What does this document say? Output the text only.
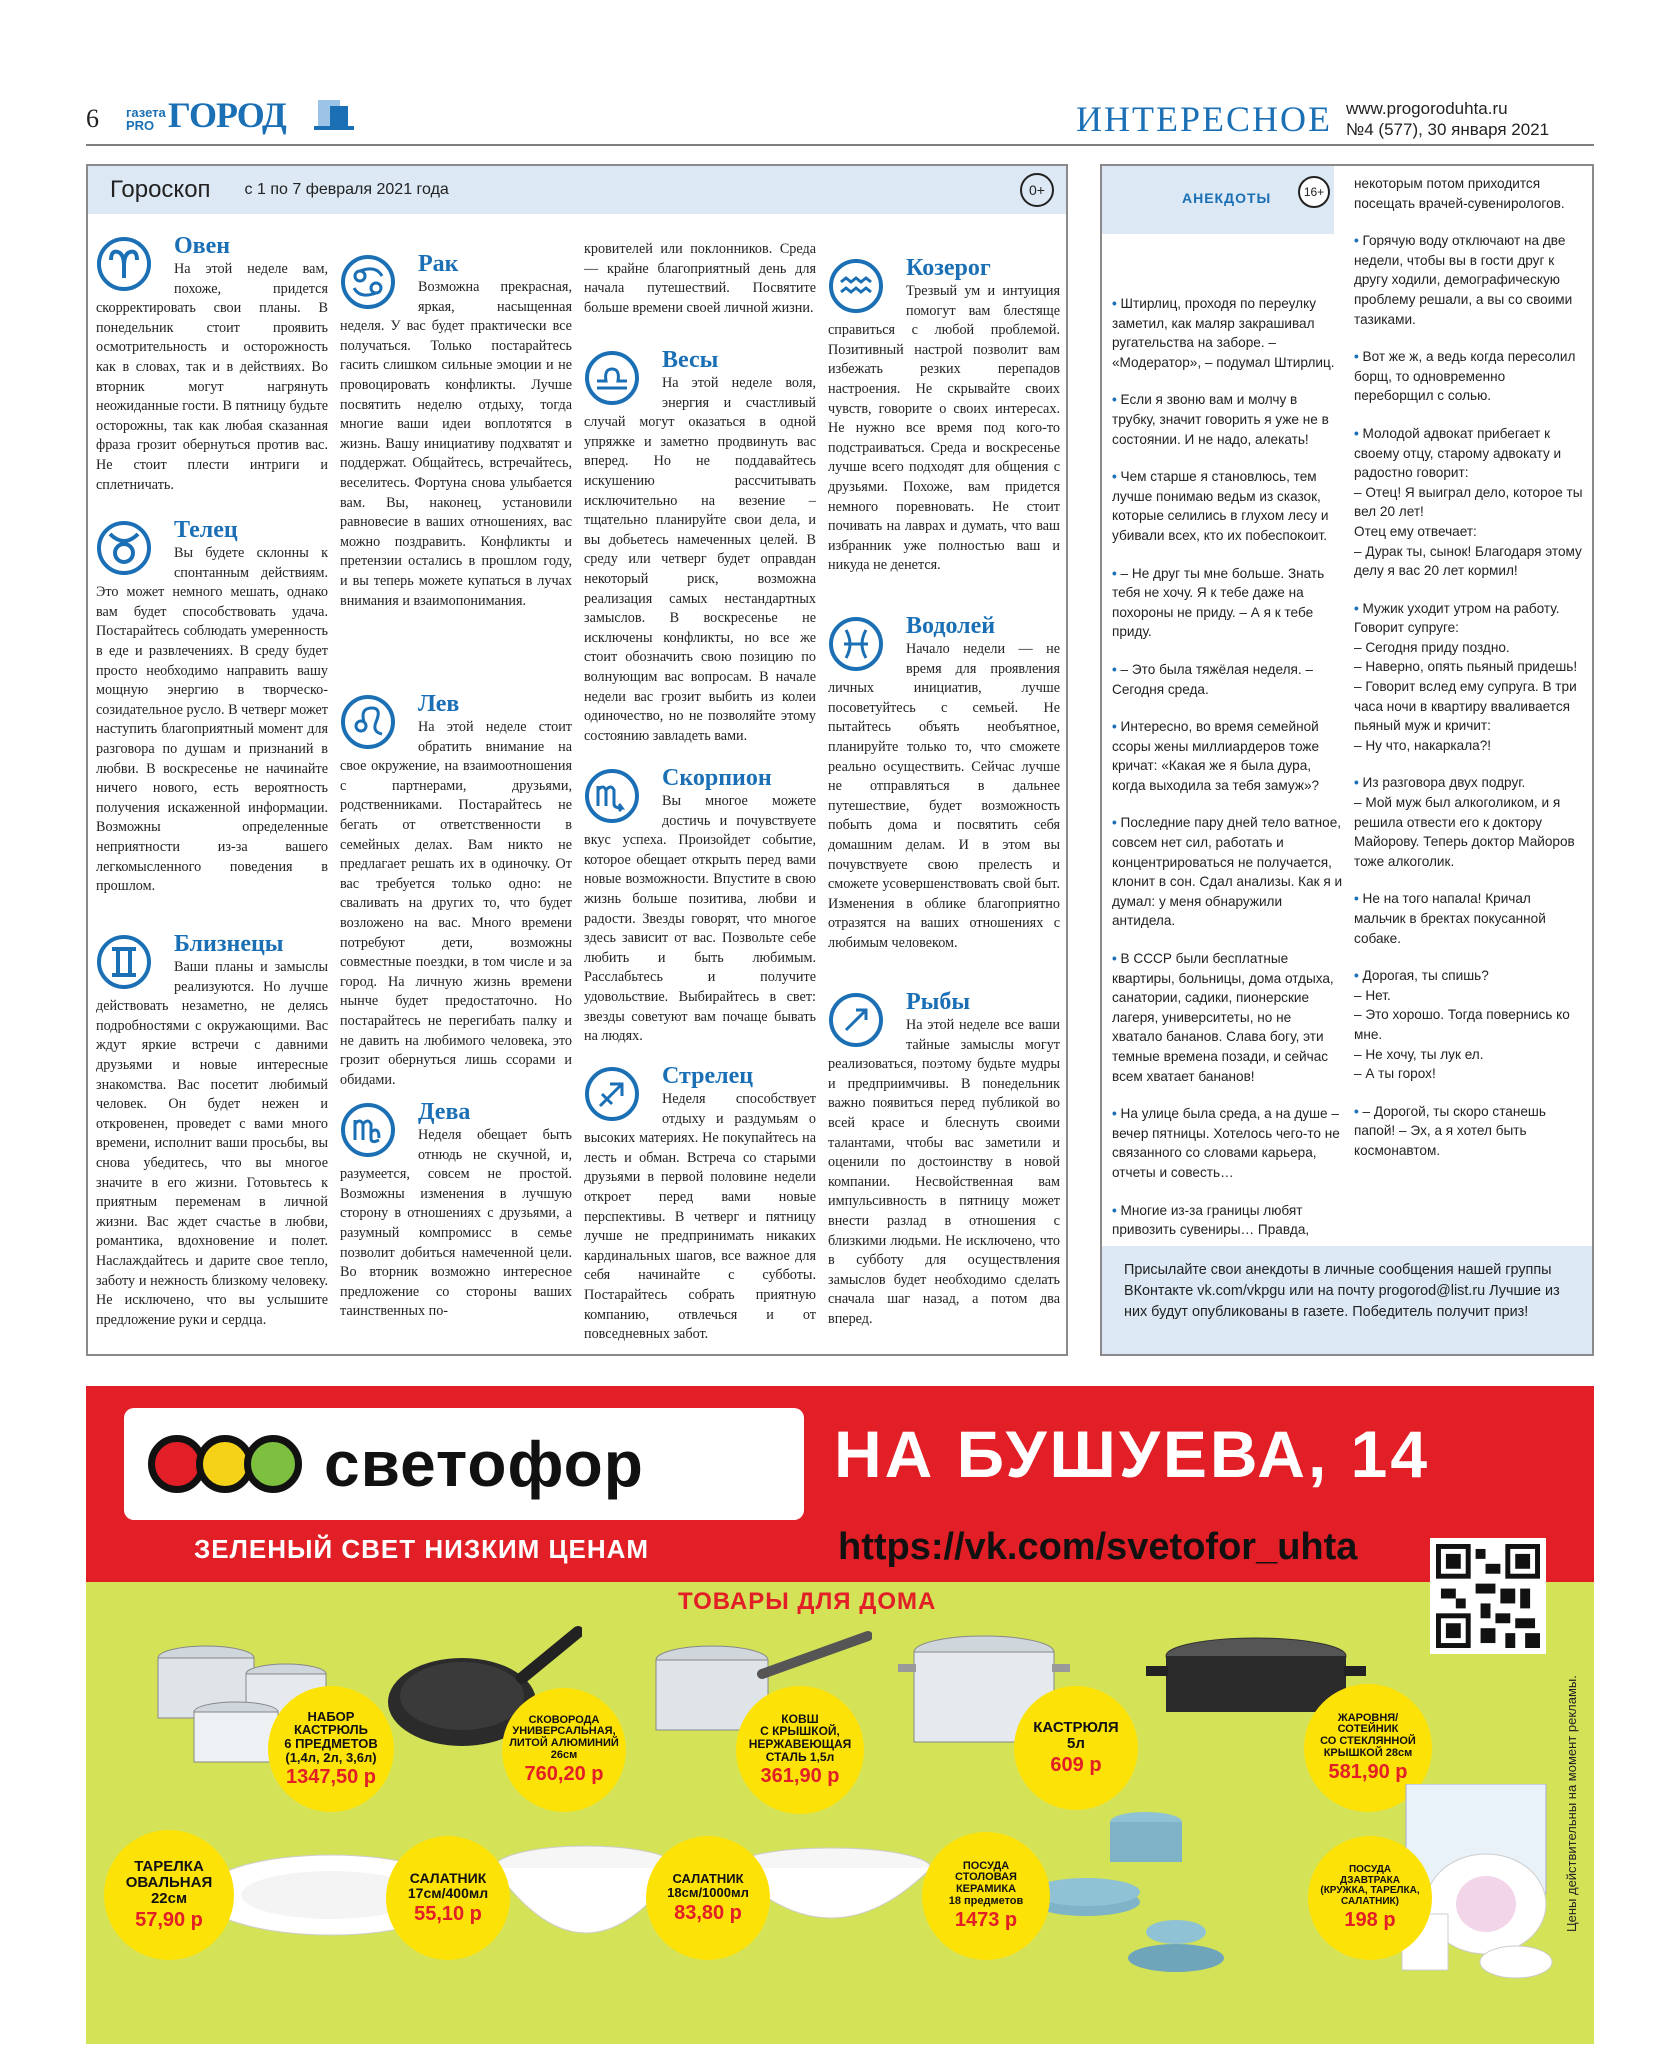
6 газета PRO ГОРОД	ИНТЕРЕСНОЕ www.progoroduhta.ru
№4 (577), 30 января 2021
Гороскоп с 1 по 7 февраля 2021 года	0+
Овен
На этой неделе вам, похоже, придется скорректировать свои планы. В понедельник стоит проявить осмотрительность и осторожность как в словах, так и в действиях. Во вторник могут нагрянуть неожиданные гости. В пятницу будьте осторожны, так как любая сказанная фраза грозит обернуться против вас. Не стоит плести интриги и сплетничать.
Телец
Вы будете склонны к спонтанным действиям. Это может немного мешать, однако вам будет способствовать удача. Постарайтесь соблюдать умеренность в еде и развлечениях. В среду будет просто необходимо направить вашу мощную энергию в творческо-созидательное русло. В четверг может наступить благоприятный момент для разговора по душам и признаний в любви. В воскресенье не начинайте ничего нового, есть вероятность получения искаженной информации. Возможны определенные неприятности из-за вашего легкомысленного поведения в прошлом.
Близнецы
Ваши планы и замыслы реализуются. Но лучше действовать незаметно, не делясь подробностями с окружающими. Вас ждут яркие встречи с давними друзьями и новые интересные знакомства. Вас посетит любимый человек. Он будет нежен и откровенен, проведет с вами много времени, исполнит ваши просьбы, вы снова убедитесь, что вы многое значите в его жизни. Готовьтесь к приятным переменам в личной жизни. Вас ждет счастье в любви, романтика, вдохновение и полет. Наслаждайтесь и дарите свое тепло, заботу и нежность близкому человеку. Не исключено, что вы услышите предложение руки и сердца.
Рак
Возможна прекрасная, яркая, насыщенная неделя. У вас будет практически все получаться. Только постарайтесь гасить слишком сильные эмоции и не провоцировать конфликты. Лучше посвятить неделю отдыху, тогда многие ваши идеи воплотятся в жизнь. Вашу инициативу подхватят и поддержат. Общайтесь, встречайтесь, веселитесь. Фортуна снова улыбается вам. Вы, наконец, установили равновесие в ваших отношениях, вас можно поздравить. Конфликты и претензии остались в прошлом году, и вы теперь можете купаться в лучах внимания и взаимопонимания.
Лев
На этой неделе стоит обратить внимание на свое окружение, на взаимоотношения с партнерами, друзьями, родственниками. Постарайтесь не бегать от ответственности в семейных делах. Вам никто не предлагает решать их в одиночку. От вас требуется только одно: не сваливать на других то, что будет возложено на вас. Много времени потребуют дети, возможны совместные поездки, в том числе и за город. На личную жизнь времени нынче будет предостаточно. Но постарайтесь не перегибать палку и не давить на любимого человека, это грозит обернуться лишь ссорами и обидами.
Дева
Неделя обещает быть отнюдь не скучной, и, разумеется, совсем не простой. Возможны изменения в лучшую сторону в отношениях с друзьями, а разумный компромисс в семье позволит добиться намеченной цели. Во вторник возможно интересное предложение со стороны ваших таинственных по-
кровителей или поклонников. Среда — крайне благоприятный день для начала путешествий. Посвятите больше времени своей личной жизни.
Весы
На этой неделе воля, энергия и счастливый случай могут оказаться в одной упряжке и заметно продвинуть вас вперед. Но не поддавайтесь искушению рассчитывать исключительно на везение – тщательно планируйте свои дела, и вы добьетесь намеченных целей. В среду или четверг будет оправдан некоторый риск, возможна реализация самых нестандартных замыслов. В воскресенье не исключены конфликты, но все же стоит обозначить свою позицию по волнующим вас вопросам. В начале недели вас грозит выбить из колеи одиночество, но не позволяйте этому состоянию завладеть вами.
Скорпион
Вы многое можете достичь и почувствуете вкус успеха. Произойдет событие, которое обещает открыть перед вами новые возможности. Впустите в свою жизнь больше позитива, любви и радости. Звезды говорят, что многое здесь зависит от вас. Позвольте себе любить и быть любимым. Расслабьтесь и получите удовольствие. Выбирайтесь в свет: звезды советуют вам почаще бывать на людях.
Стрелец
Неделя способствует отдыху и раздумьям о высоких материях. Не покупайтесь на лесть и обман. Встреча со старыми друзьями в первой половине недели откроет перед вами новые перспективы. В четверг и пятницу лучше не предпринимать никаких кардинальных шагов, все важное для себя начинайте с субботы. Постарайтесь собрать приятную компанию, отвлечься и от повседневных забот.
Козерог
Трезвый ум и интуиция помогут вам блестяще справиться с любой проблемой. Позитивный настрой позволит вам избежать резких перепадов настроения. Не скрывайте своих чувств, говорите о своих интересах. Не нужно все время под кого-то подстраиваться. Среда и воскресенье лучше всего подходят для общения с друзьями. Похоже, вам придется немного поревновать. Не стоит почивать на лаврах и думать, что ваш избранник уже полностью ваш и никуда не денется.
Водолей
Начало недели — не время для проявления личных инициатив, лучше посоветуйтесь с семьей. Не пытайтесь объять необъятное, планируйте только то, что сможете реально осуществить. Сейчас лучше не отправляться в дальнее путешествие, будет возможность побыть дома и посвятить себя домашним делам. И в этом вы почувствуете свою прелесть и сможете усовершенствовать свой быт. Изменения в облике благоприятно отразятся на ваших отношениях с любимым человеком.
Рыбы
На этой неделе все ваши тайные замыслы могут реализоваться, поэтому будьте мудры и предприимчивы. В понедельник важно появиться перед публикой во всей красе и блеснуть своими талантами, чтобы вас заметили и оценили по достоинству в новой компании. Несвойственная вам импульсивность в пятницу может внести разлад в отношения с близкими людьми. Не исключено, что в субботу для осуществления замыслов будет необходимо сделать сначала шаг назад, а потом два вперед.
АНЕКДОТЫ	16+
Присылайте свои анекдоты в личные сообщения нашей группы ВКонтакте vk.com/vkpgu или на почту progorod@list.ru Лучшие из них будут опубликованы в газете. Победитель получит приз!
• Штирлиц, проходя по переулку заметил, как маляр закрашивал ругательства на заборе. – «Модератор», – подумал Штирлиц.
• Если я звоню вам и молчу в трубку, значит говорить я уже не в состоянии. И не надо, алекать!
• Чем старше я становлюсь, тем лучше понимаю ведьм из сказок, которые селились в глухом лесу и убивали всех, кто их побеспокоит.
• – Не друг ты мне больше. Знать тебя не хочу. Я к тебе даже на похороны не приду. – А я к тебе приду.
• – Это была тяжёлая неделя. – Сегодня среда.
• Интересно, во время семейной ссоры жены миллиардеров тоже кричат: «Какая же я была дура, когда выходила за тебя замуж»?
• Последние пару дней тело ватное, совсем нет сил, работать и концентрироваться не получается, клонит в сон. Сдал анализы. Как я и думал: у меня обнаружили антидела.
• В СССР были бесплатные квартиры, больницы, дома отдыха, санатории, садики, пионерские лагеря, университеты, но не хватало бананов. Слава богу, эти темные времена позади, и сейчас всем хватает бананов!
• На улице была среда, а на душе – вечер пятницы. Хотелось чего-то не связанного со словами карьера, отчеты и совесть…
• Многие из-за границы любят привозить сувениры… Правда,
некоторым потом приходится посещать врачей-сувенирологов.
• Горячую воду отключают на две недели, чтобы вы в гости друг к другу ходили, демографическую проблему решали, а вы со своими тазиками.
• Вот же ж, а ведь когда пересолил борщ, то одновременно переборщил с солью.
• Молодой адвокат прибегает к своему отцу, старому адвокату и радостно говорит:
– Отец! Я выиграл дело, которое ты вел 20 лет!
Отец ему отвечает:
– Дурак ты, сынок! Благодаря этому делу я вас 20 лет кормил!
• Мужик уходит утром на работу. Говорит супруге:
– Сегодня приду поздно.
– Наверно, опять пьяный придешь! – Говорит вслед ему супруга. В три часа ночи в квартиру вваливается пьяный муж и кричит:
– Ну что, накаркала?!
• Из разговора двух подруг.
– Мой муж был алкоголиком, и я решила отвести его к доктору Майорову. Теперь доктор Майоров тоже алкоголик.
• Не на того напала! Кричал мальчик в бректах покусанной собаке.
• Дорогая, ты спишь?
– Нет.
– Это хорошо. Тогда повернись ко мне.
– Не хочу, ты лук ел.
– А ты горох!
• – Дорогой, ты скоро станешь папой! – Эх, а я хотел быть космонавтом.
светофор	НА БУШУЕВА, 14
ЗЕЛЕНЫЙ СВЕТ НИЗКИМ ЦЕНАМ	https://vk.com/svetofor_uhta
ТОВАРЫ ДЛЯ ДОМА
Цены действительны на момент рекламы.
НАБОР
КАСТРЮЛЬ
6 ПРЕДМЕТОВ
(1,4л, 2л, 3,6л)
1347,50 р
СКОВОРОДА
УНИВЕРСАЛЬНАЯ,
ЛИТОЙ АЛЮМИНИЙ
26см
760,20 р
КОВШ
С КРЫШКОЙ,
НЕРЖАВЕЮЩАЯ
СТАЛЬ 1,5л
361,90 р
КАСТРЮЛЯ
5л
609 р
ЖАРОВНЯ/
СОТЕЙНИК
СО СТЕКЛЯННОЙ
КРЫШКОЙ 28см
581,90 р
ТАРЕЛКА
ОВАЛЬНАЯ
22см
57,90 р
САЛАТНИК
17см/400мл
55,10 р
САЛАТНИК
18см/1000мл
83,80 р
ПОСУДА
СТОЛОВАЯ
КЕРАМИКА
18 предметов
1473 р
ПОСУДА
ДЗАВТРАКА
(КРУЖКА, ТАРЕЛКА,
САЛАТНИК)
198 р
